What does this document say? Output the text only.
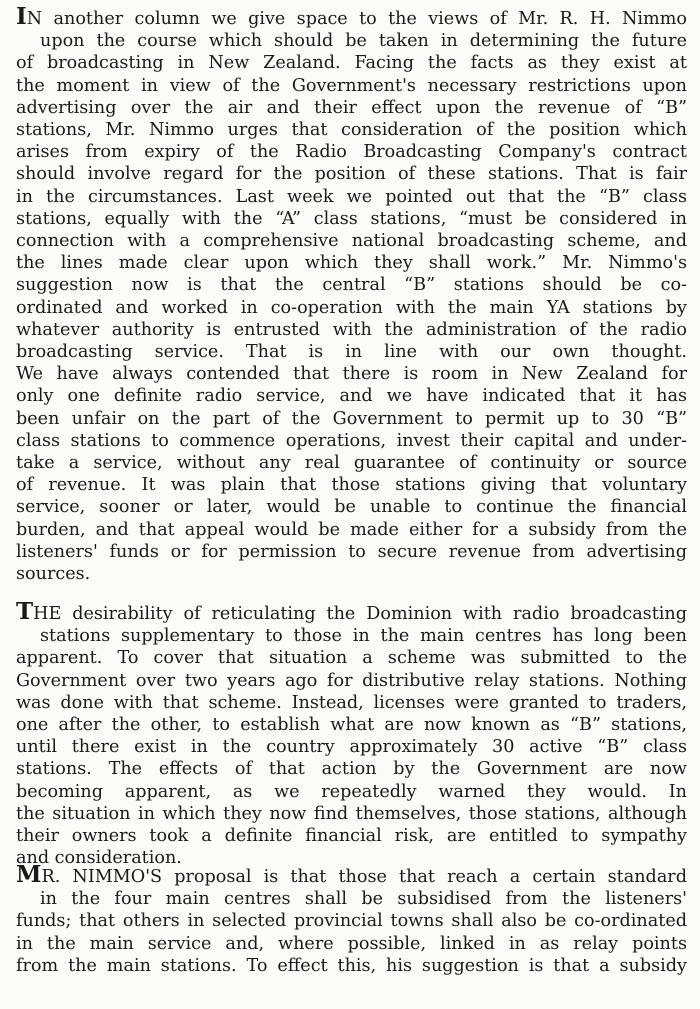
IN another column we give space to the views of Mr. R. H. Nimmo
upon the course which should be taken in determining the future
of broadcasting in New Zealand. Facing the facts as they exist at
the moment in view of the Government's necessary restrictions upon
advertising over the air and their effect upon the revenue of “B”
stations, Mr. Nimmo urges that consideration of the position which
arises from expiry of the Radio Broadcasting Company's contract
should involve regard for the position of these stations. That is fair
in the circumstances. Last week we pointed out that the “B” class
stations, equally with the “A” class stations, “must be considered in
connection with a comprehensive national broadcasting scheme, and
the lines made clear upon which they shall work.” Mr. Nimmo's
suggestion now is that the central “B” stations should be co-
ordinated and worked in co-operation with the main YA stations by
whatever authority is entrusted with the administration of the radio
broadcasting service. That is in line with our own thought.
We have always contended that there is room in New Zealand for
only one definite radio service, and we have indicated that it has
been unfair on the part of the Government to permit up to 30 “B”
class stations to commence operations, invest their capital and under-
take a service, without any real guarantee of continuity or source
of revenue. It was plain that those stations giving that voluntary
service, sooner or later, would be unable to continue the financial
burden, and that appeal would be made either for a subsidy from the
listeners' funds or for permission to secure revenue from advertising
sources.
THE desirability of reticulating the Dominion with radio broadcasting
stations supplementary to those in the main centres has long been
apparent. To cover that situation a scheme was submitted to the
Government over two years ago for distributive relay stations. Nothing
was done with that scheme. Instead, licenses were granted to traders,
one after the other, to establish what are now known as “B” stations,
until there exist in the country approximately 30 active “B” class
stations. The effects of that action by the Government are now
becoming apparent, as we repeatedly warned they would. In
the situation in which they now find themselves, those stations, although
their owners took a definite financial risk, are entitled to sympathy
and consideration.
MR. NIMMO'S proposal is that those that reach a certain standard
in the four main centres shall be subsidised from the listeners'
funds; that others in selected provincial towns shall also be co-ordinated
in the main service and, where possible, linked in as relay points
from the main stations. To effect this, his suggestion is that a subsidy
